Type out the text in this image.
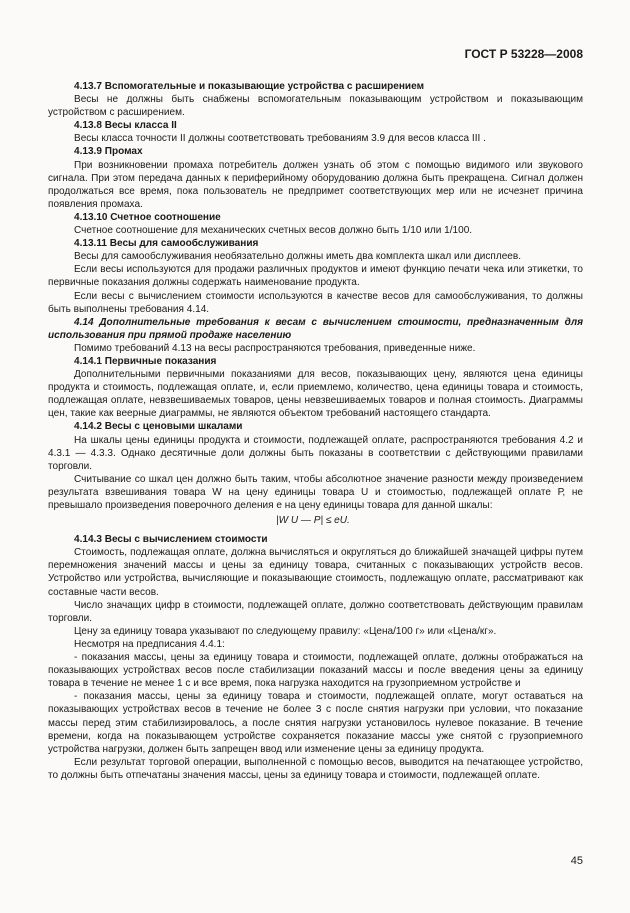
ГОСТ Р 53228—2008

4.13.7 Вспомогательные и показывающие устройства с расширением

Весы не должны быть снабжены вспомогательным показывающим устройством и показывающим устройством с расширением.

4.13.8 Весы класса II

Весы класса точности II должны соответствовать требованиям 3.9 для весов класса III .

4.13.9 Промах

При возникновении промаха потребитель должен узнать об этом с помощью видимого или звукового сигнала. При этом передача данных к периферийному оборудованию должна быть прекращена. Сигнал должен продолжаться все время, пока пользователь не предпримет соответствующих мер или не исчезнет причина появления промаха.

4.13.10 Счетное соотношение

Счетное соотношение для механических счетных весов должно быть 1/10 или 1/100.

4.13.11 Весы для самообслуживания

Весы для самообслуживания необязательно должны иметь два комплекта шкал или дисплеев.

Если весы используются для продажи различных продуктов и имеют функцию печати чека или этикетки, то первичные показания должны содержать наименование продукта.

Если весы с вычислением стоимости используются в качестве весов для самообслуживания, то должны быть выполнены требования 4.14.

4.14 Дополнительные требования к весам с вычислением стоимости, предназначенным для использования при прямой продаже населению

Помимо требований 4.13 на весы распространяются требования, приведенные ниже.

4.14.1 Первичные показания

Дополнительными первичными показаниями для весов, показывающих цену, являются цена единицы продукта и стоимость, подлежащая оплате, и, если приемлемо, количество, цена единицы товара и стоимость, подлежащая оплате, невзвешиваемых товаров, цены невзвешиваемых товаров и полная стоимость. Диаграммы цен, такие как веерные диаграммы, не являются объектом требований настоящего стандарта.

4.14.2 Весы с ценовыми шкалами

На шкалы цены единицы продукта и стоимости, подлежащей оплате, распространяются требования 4.2 и 4.3.1 — 4.3.3. Однако десятичные доли должны быть показаны в соответствии с действующими правилами торговли.

Считывание со шкал цен должно быть таким, чтобы абсолютное значение разности между произведением результата взвешивания товара W на цену единицы товара U и стоимостью, подлежащей оплате Р, не превышало произведения поверочного деления е на цену единицы товара для данной шкалы:

|W U — P| ≤ eU.

4.14.3 Весы с вычислением стоимости

Стоимость, подлежащая оплате, должна вычисляться и округляться до ближайшей значащей цифры путем перемножения значений массы и цены за единицу товара, считанных с показывающих устройств весов. Устройство или устройства, вычисляющие и показывающие стоимость, подлежащую оплате, рассматривают как составные части весов.

Число значащих цифр в стоимости, подлежащей оплате, должно соответствовать действующим правилам торговли.

Цену за единицу товара указывают по следующему правилу: «Цена/100 г» или «Цена/кг».

Несмотря на предписания 4.4.1:

- показания массы, цены за единицу товара и стоимости, подлежащей оплате, должны отображаться на показывающих устройствах весов после стабилизации показаний массы и после введения цены за единицу товара в течение не менее 1 с и все время, пока нагрузка находится на грузоприемном устройстве и

- показания массы, цены за единицу товара и стоимости, подлежащей оплате, могут оставаться на показывающих устройствах весов в течение не более 3 с после снятия нагрузки при условии, что показание массы перед этим стабилизировалось, а после снятия нагрузки установилось нулевое показание. В течение времени, когда на показывающем устройстве сохраняется показание массы уже снятой с грузоприемного устройства нагрузки, должен быть запрещен ввод или изменение цены за единицу продукта.

Если результат торговой операции, выполненной с помощью весов, выводится на печатающее устройство, то должны быть отпечатаны значения массы, цены за единицу товара и стоимости, подлежащей оплате.

45
